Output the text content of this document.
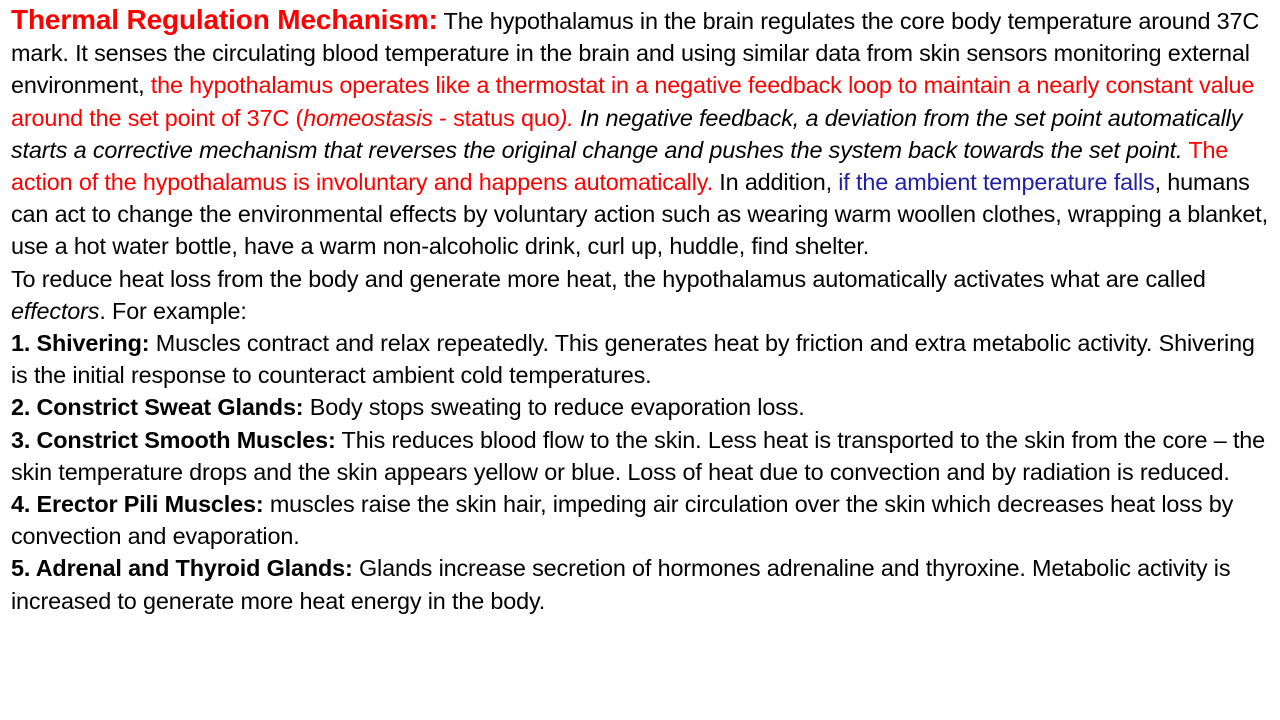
Thermal Regulation Mechanism: The hypothalamus in the brain regulates the core body temperature around 37C mark. It senses the circulating blood temperature in the brain and using similar data from skin sensors monitoring external environment, the hypothalamus operates like a thermostat in a negative feedback loop to maintain a nearly constant value around the set point of 37C (homeostasis - status quo). In negative feedback, a deviation from the set point automatically starts a corrective mechanism that reverses the original change and pushes the system back towards the set point. The action of the hypothalamus is involuntary and happens automatically. In addition, if the ambient temperature falls, humans can act to change the environmental effects by voluntary action such as wearing warm woollen clothes, wrapping a blanket, use a hot water bottle, have a warm non-alcoholic drink, curl up, huddle, find shelter.

To reduce heat loss from the body and generate more heat, the hypothalamus automatically activates what are called effectors. For example:

1. Shivering: Muscles contract and relax repeatedly. This generates heat by friction and extra metabolic activity. Shivering is the initial response to counteract ambient cold temperatures.

2. Constrict Sweat Glands: Body stops sweating to reduce evaporation loss.

3. Constrict Smooth Muscles: This reduces blood flow to the skin. Less heat is transported to the skin from the core – the skin temperature drops and the skin appears yellow or blue. Loss of heat due to convection and by radiation is reduced.

4. Erector Pili Muscles: muscles raise the skin hair, impeding air circulation over the skin which decreases heat loss by convection and evaporation.

5. Adrenal and Thyroid Glands: Glands increase secretion of hormones adrenaline and thyroxine. Metabolic activity is increased to generate more heat energy in the body.
